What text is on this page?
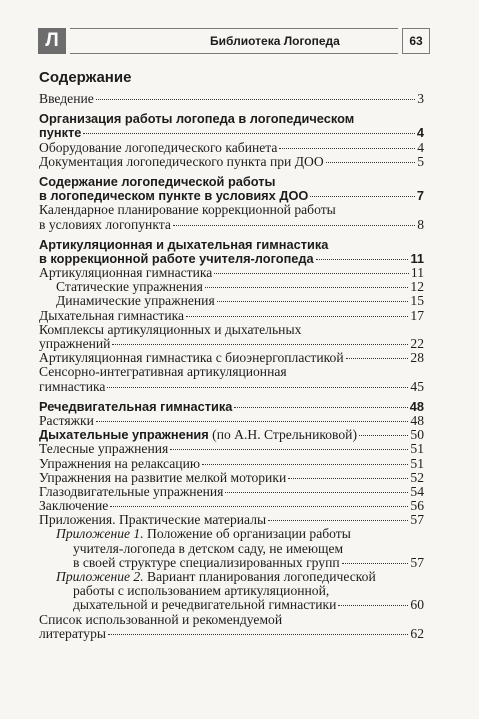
Л	Библиотека Логопеда	63
Содержание
Введение	3
Организация работы логопеда в логопедическом
пункте	4
Оборудование логопедического кабинета	4
Документация логопедического пункта при ДОО	5
Содержание логопедической работы
в логопедическом пункте в условиях ДОО	7
Календарное планирование коррекционной работы
в условиях логопункта	8
Артикуляционная и дыхательная гимнастика
в коррекционной работе учителя-логопеда	11
Артикуляционная гимнастика	11
Статические упражнения	12
Динамические упражнения	15
Дыхательная гимнастика	17
Комплексы артикуляционных и дыхательных
упражнений	22
Артикуляционная гимнастика с биоэнергопластикой	28
Сенсорно-интегративная артикуляционная
гимнастика	45
Речедвигательная гимнастика	48
Растяжки	48
Дыхательные упражнения (по А.Н. Стрельниковой)	50
Телесные упражнения	51
Упражнения на релаксацию	51
Упражнения на развитие мелкой моторики	52
Глазодвигательные упражнения	54
Заключение	56
Приложения. Практические материалы	57
Приложение 1. Положение об организации работы
учителя-логопеда в детском саду, не имеющем
в своей структуре специализированных групп	57
Приложение 2. Вариант планирования логопедической
работы с использованием артикуляционной,
дыхательной и речедвигательной гимнастики	60
Список использованной и рекомендуемой
литературы	62
